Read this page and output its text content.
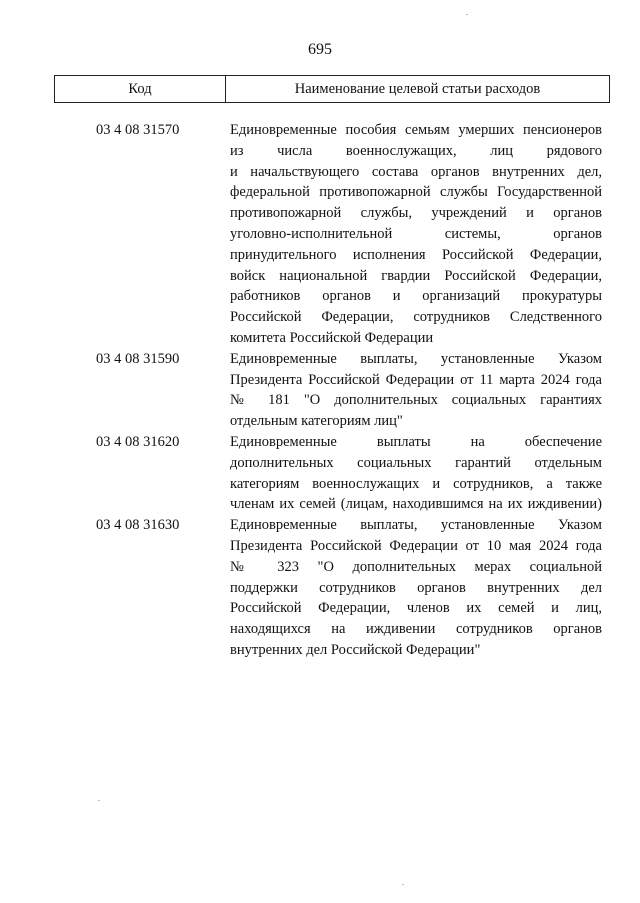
695
Код	Наименование целевой статьи расходов
03 4 08 31570	Единовременные пособия семьям умерших пенсионеров
из числа военнослужащих, лиц рядового
и начальствующего состава органов внутренних дел,
федеральной противопожарной службы Государственной
противопожарной службы, учреждений и органов
уголовно-исполнительной системы, органов
принудительного исполнения Российской Федерации,
войск национальной гвардии Российской Федерации,
работников органов и организаций прокуратуры
Российской Федерации, сотрудников Следственного
комитета Российской Федерации
03 4 08 31590	Единовременные выплаты, установленные Указом
Президента Российской Федерации от 11 марта 2024 года
№ 181 "О дополнительных социальных гарантиях
отдельным категориям лиц"
03 4 08 31620	Единовременные выплаты на обеспечение
дополнительных социальных гарантий отдельным
категориям военнослужащих и сотрудников, а также
членам их семей (лицам, находившимся на их иждивении)
03 4 08 31630	Единовременные выплаты, установленные Указом
Президента Российской Федерации от 10 мая 2024 года
№ 323 "О дополнительных мерах социальной
поддержки сотрудников органов внутренних дел
Российской Федерации, членов их семей и лиц,
находящихся на иждивении сотрудников органов
внутренних дел Российской Федерации"
